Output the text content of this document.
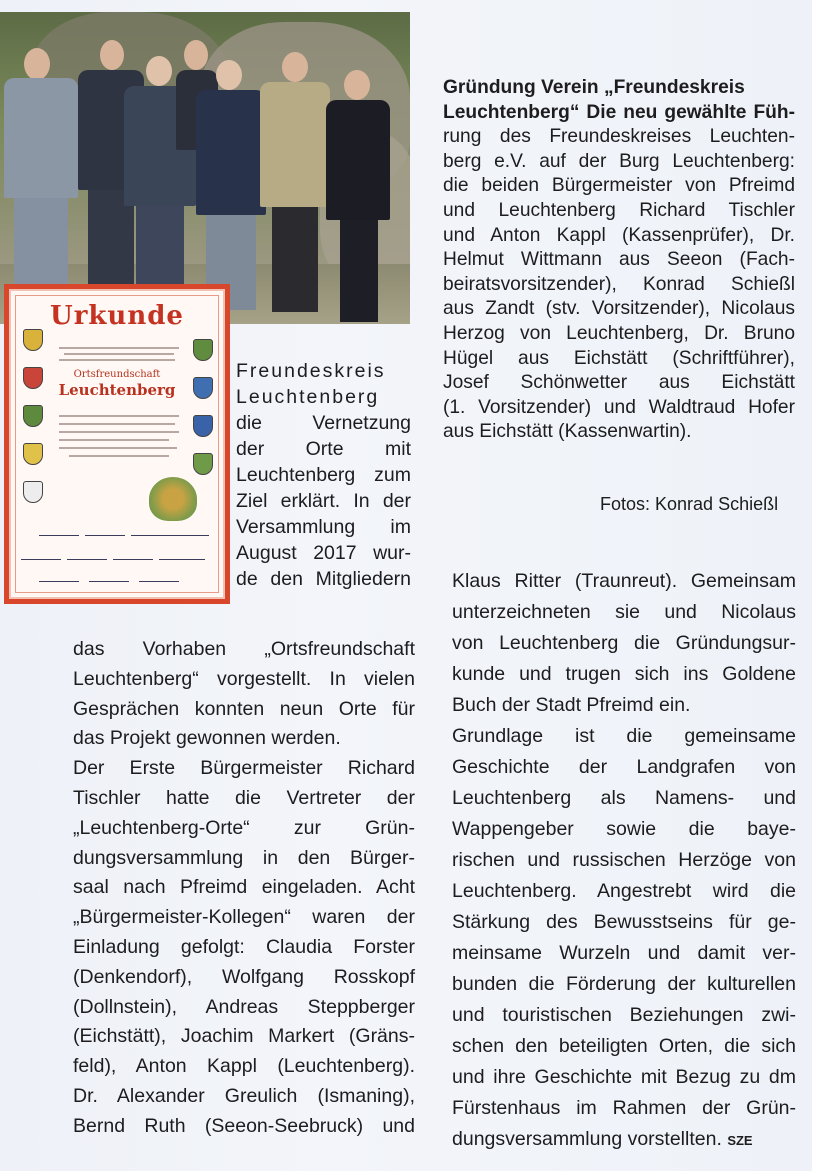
Urkunde
Ortsfreundschaft
Leuchtenberg
Gründung Verein „Freundeskreis
Leuchtenberg“ Die neu gewählte Füh-
rung des Freundeskreises Leuchten-
berg e.V. auf der Burg Leuchtenberg:
die beiden Bürgermeister von Pfreimd
und Leuchtenberg Richard Tischler
und Anton Kappl (Kassenprüfer), Dr.
Helmut Wittmann aus Seeon (Fach-
beiratsvorsitzender), Konrad Schießl
aus Zandt (stv. Vorsitzender), Nicolaus
Herzog von Leuchtenberg, Dr. Bruno
Hügel aus Eichstätt (Schriftführer),
Josef Schönwetter aus Eichstätt
(1. Vorsitzender) und Waldtraud Hofer
aus Eichstätt (Kassenwartin).
Fotos: Konrad Schießl
Freundeskreis
Leuchtenberg
die Vernetzung
der Orte mit
Leuchtenberg zum
Ziel erklärt. In der
Versammlung im
August 2017 wur-
de den Mitgliedern
das Vorhaben „Ortsfreundschaft
Leuchtenberg“ vorgestellt. In vielen
Gesprächen konnten neun Orte für
das Projekt gewonnen werden.
Der Erste Bürgermeister Richard
Tischler hatte die Vertreter der
„Leuchtenberg-Orte“ zur Grün-
dungsversammlung in den Bürger-
saal nach Pfreimd eingeladen. Acht
„Bürgermeister-Kollegen“ waren der
Einladung gefolgt: Claudia Forster
(Denkendorf), Wolfgang Rosskopf
(Dollnstein), Andreas Steppberger
(Eichstätt), Joachim Markert (Gräns-
feld), Anton Kappl (Leuchtenberg).
Dr. Alexander Greulich (Ismaning),
Bernd Ruth (Seeon-Seebruck) und
Klaus Ritter (Traunreut). Gemeinsam
unterzeichneten sie und Nicolaus
von Leuchtenberg die Gründungsur-
kunde und trugen sich ins Goldene
Buch der Stadt Pfreimd ein.
Grundlage ist die gemeinsame
Geschichte der Landgrafen von
Leuchtenberg als Namens- und
Wappengeber sowie die baye-
rischen und russischen Herzöge von
Leuchtenberg. Angestrebt wird die
Stärkung des Bewusstseins für ge-
meinsame Wurzeln und damit ver-
bunden die Förderung der kulturellen
und touristischen Beziehungen zwi-
schen den beteiligten Orten, die sich
und ihre Geschichte mit Bezug zu dm
Fürstenhaus im Rahmen der Grün-
dungsversammlung vorstellten. SZE
